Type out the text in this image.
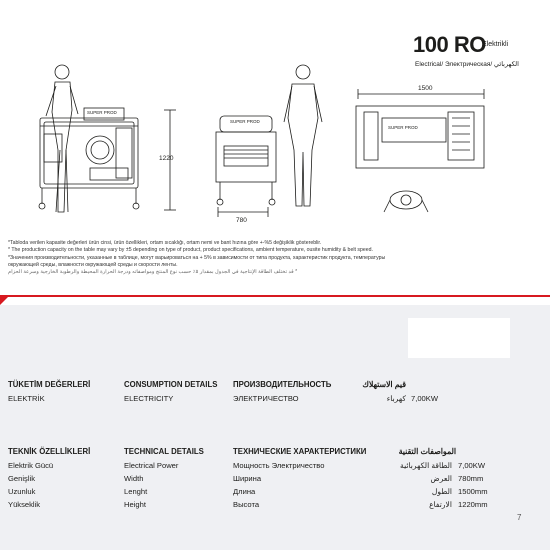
1220
780
1500
SUPER PROD
SUPER PROD
SUPER PROD
100 RO
Elektrikli
Electrical/ Электрическая/ الكهربائي
*Tabloda verilen kapasite değerleri ürün cinsi, ürün özellikleri, ortam sıcaklığı, ortam nemi ve bant hızına göre +-%5 değişiklik göstereblir.
* The production capacity on the table may vary by ±5 depending on type of product, product specifications, ambient temperature, ousite humidity & belt speed.
*Значения производительности, указанные в таблице, могут варьироваться на + 5% в зависимости от типа продукта, характеристик продукта, температуры
окружающей среды, влажности окружающей среды и скорости ленты.
* قد تختلف الطاقة الإنتاجية في الجدول بمقدار ٥٪ حسب نوع المنتج ومواصفاته ودرجة الحرارة المحيطة والرطوبة الخارجية وسرعة الحزام
TÜKETİM DEĞERLERİ	CONSUMPTION DETAILS ПРОИЗВОДИТЕЛЬНОСТЬ	قيم الاستهلاك
ELEKTRİK	ELECTRICITY	ЭЛЕКТРИЧЕСТВО	كهرباء 7,00KW
TEKNİK ÖZELLİKLERİ	TECHNICAL DETAILS	ТЕХНИЧЕСКИЕ ХАРАКТЕРИСТИКИ	المواصفات التقنية
Elektrik Gücü	Electrical Power	Мощность Электричество	الطاقة الكهربائية 7,00KW
Genişlik	Width	Ширина	العرض 780mm
Uzunluk	Lenght	Длина	الطول 1500mm
Yükseklik	Height	Высота	الارتفاع 1220mm
7
